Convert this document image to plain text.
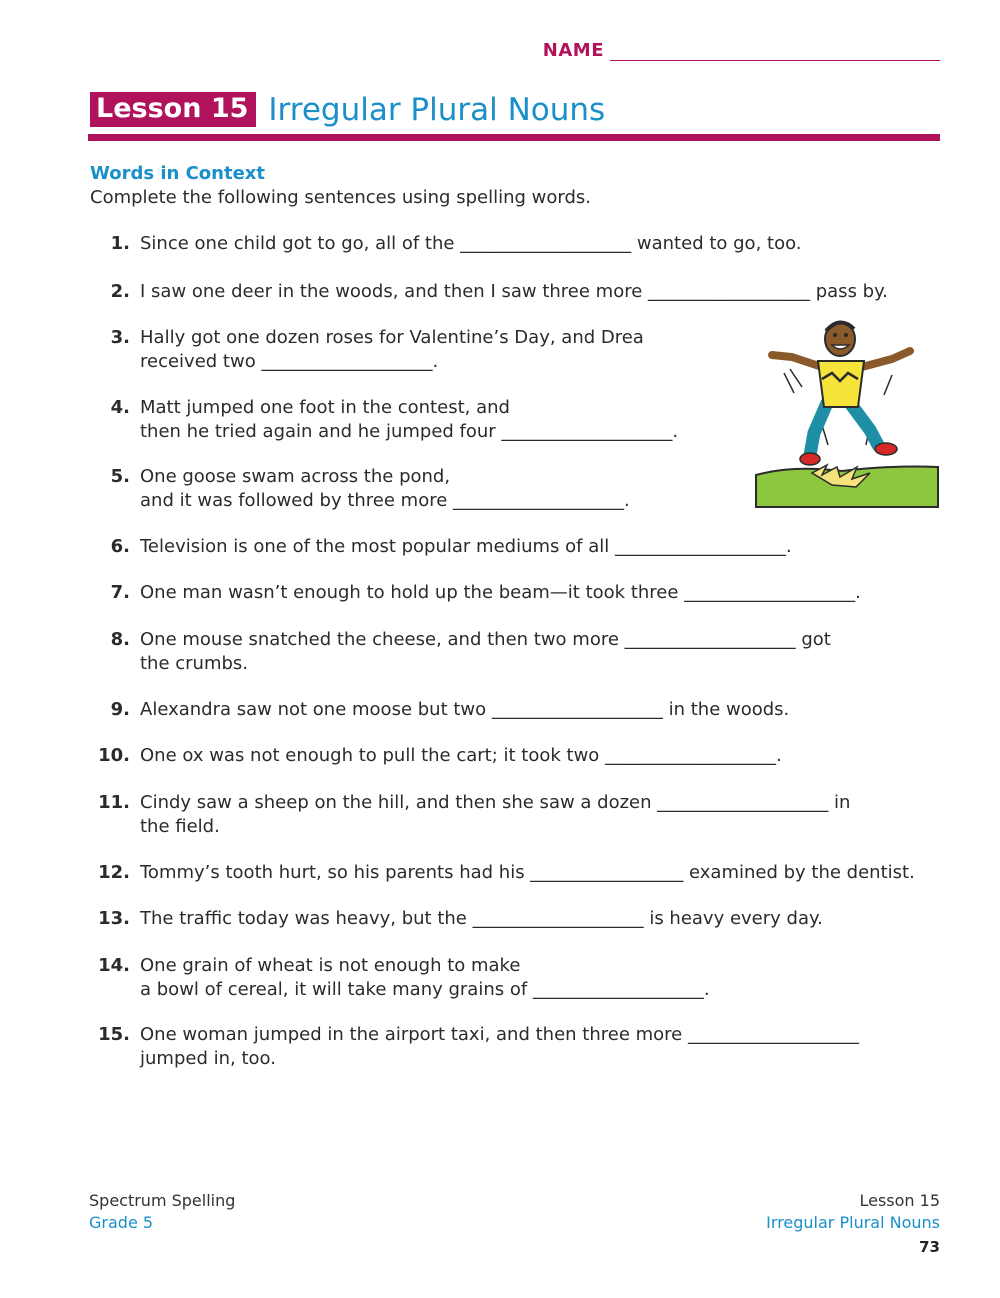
NAME
Lesson 15 Irregular Plural Nouns
Words in Context
Complete the following sentences using spelling words.
1. Since one child got to go, all of the ___________________ wanted to go, too.
2. I saw one deer in the woods, and then I saw three more __________________ pass by.
3. Hally got one dozen roses for Valentine’s Day, and Drea
received two ___________________.
4. Matt jumped one foot in the contest, and
then he tried again and he jumped four ___________________.
5. One goose swam across the pond,
and it was followed by three more ___________________.
6. Television is one of the most popular mediums of all ___________________.
7. One man wasn’t enough to hold up the beam—it took three ___________________.
8. One mouse snatched the cheese, and then two more ___________________ got
the crumbs.
9. Alexandra saw not one moose but two ___________________ in the woods.
10. One ox was not enough to pull the cart; it took two ___________________.
11. Cindy saw a sheep on the hill, and then she saw a dozen ___________________ in
the field.
12. Tommy’s tooth hurt, so his parents had his _________________ examined by the dentist.
13. The traffic today was heavy, but the ___________________ is heavy every day.
14. One grain of wheat is not enough to make
a bowl of cereal, it will take many grains of ___________________.
15. One woman jumped in the airport taxi, and then three more ___________________
jumped in, too.
Spectrum Spelling
Grade 5
Lesson 15
Irregular Plural Nouns
73
